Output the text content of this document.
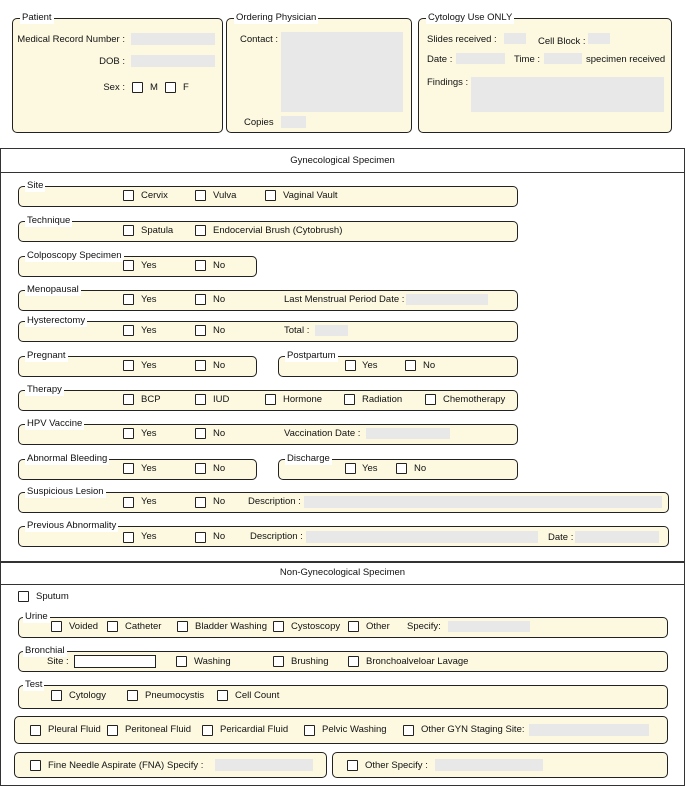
Patient
Medical Record Number :
DOB :
Sex :	M	F
Ordering Physician
Contact :
Copies
Cytology Use ONLY
Slides received :	Cell Block :
Date :	Time :	specimen received
Findings :
Gynecological Specimen
Site
Cervix	Vulva	Vaginal Vault
Technique
Spatula	Endocervial Brush (Cytobrush)
Colposcopy Specimen
Yes	No
Menopausal
Yes	No	Last Menstrual Period Date :
Hysterectomy
Yes	No	Total :
Pregnant
Yes	No
Postpartum
Yes	No
Therapy
BCP	IUD	Hormone	Radiation	Chemotherapy
HPV Vaccine
Yes	No	Vaccination Date :
Abnormal Bleeding
Yes	No
Discharge
Yes	No
Suspicious Lesion
Yes	No Description :
Previous Abnormality
Yes	No	Description :	Date :
Non-Gynecological Specimen
Sputum
Urine
Voided	Catheter	Bladder Washing	Cystoscopy	Other Specify:
Bronchial
Site :	Washing	Brushing	Bronchoalveloar Lavage
Test
Cytology	Pneumocystis	Cell Count
Pleural Fluid	Peritoneal Fluid	Pericardial Fluid	Pelvic Washing	Other GYN Staging Site:
Fine Needle Aspirate (FNA) Specify :	Other Specify :
